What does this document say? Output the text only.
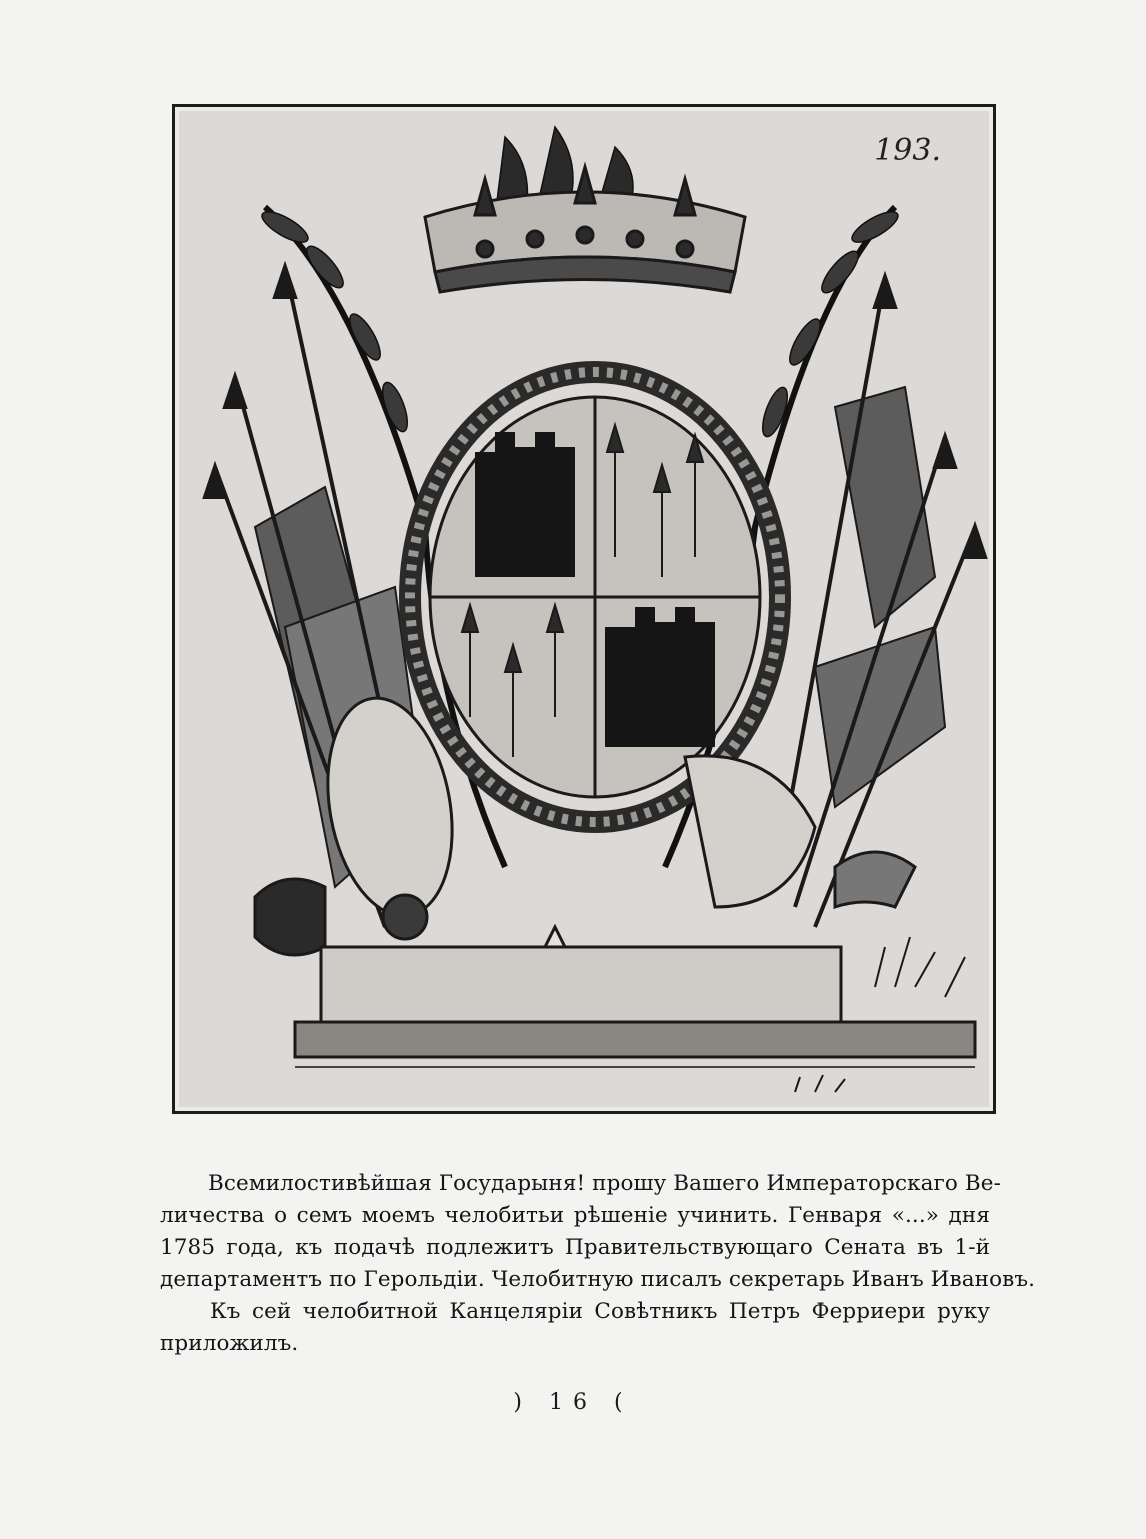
193.
Всемилостивѣйшая Государыня! прошу Вашего Императорскаго Ве-
личества о семъ моемъ челобитьи рѣшеніе учинить. Генваря «...» дня
1785 года, къ подачѣ подлежитъ Правительствующаго Сената въ 1-й
департаментъ по Герольдіи. Челобитную писалъ секретарь Иванъ Ивановъ.
Къ сей челобитной Канцеляріи Совѣтникъ Петръ Ферриери руку
приложилъ.
) 16 (
